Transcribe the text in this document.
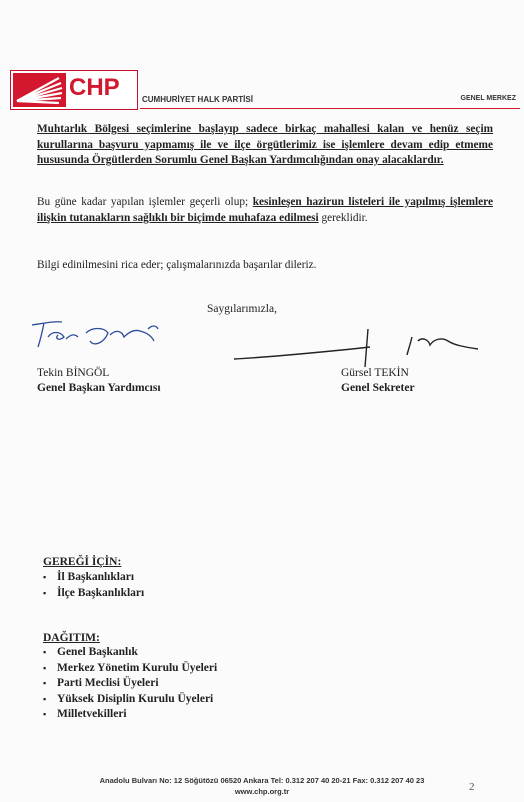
CHP	CUMHURİYET HALK PARTİSİ	GENEL MERKEZ
Muhtarlık Bölgesi seçimlerine başlayıp sadece birkaç mahallesi kalan ve henüz seçim kurullarına başvuru yapmamış ile ve ilçe örgütlerimiz ise işlemlere devam edip etmeme hususunda Örgütlerden Sorumlu Genel Başkan Yardımcılığından onay alacaklardır.
Bu güne kadar yapılan işlemler geçerli olup; kesinleşen hazirun listeleri ile yapılmış işlemlere ilişkin tutanakların sağlıklı bir biçimde muhafaza edilmesi gereklidir.
Bilgi edinilmesini rica eder; çalışmalarınızda başarılar dileriz.
Saygılarımızla,
Tekin BİNGÖL
Genel Başkan Yardımcısı
Gürsel TEKİN
Genel Sekreter
GEREĞİ İÇİN:
▪ İl Başkanlıkları
▪ İlçe Başkanlıkları
DAĞITIM:
▪ Genel Başkanlık
▪ Merkez Yönetim Kurulu Üyeleri
▪ Parti Meclisi Üyeleri
▪ Yüksek Disiplin Kurulu Üyeleri
▪ Milletvekilleri
Anadolu Bulvarı No: 12 Söğütözü 06520 Ankara Tel: 0.312 207 40 20-21 Fax: 0.312 207 40 23
www.chp.org.tr	2
